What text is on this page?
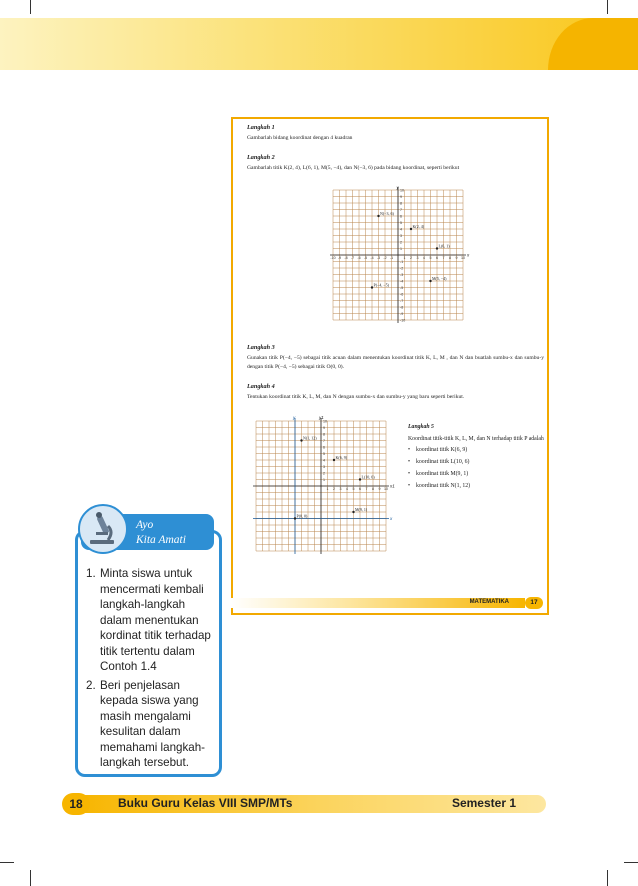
Langkah 1
Gambarlah bidang koordinat dengan 4 kuadran
Langkah 2
Gambarlah titik K(2, 4), L(6, 1), M(5, −4), dan N(−3, 6) pada bidang koordinat, seperti berikut
-10
-10
-9
-9
-8
-8
-7
-7
-6
-6
-5
-5
-4
-4
-3
-3
-2
-2
-1
-1
1
1
2
2
3
3
4
4
5
5
6
6
7
7
8
8
9
9
10
10
x
y
N(−3, 6)
K(2, 4)
L(6, 1)
M(5, −4)
P(−4, −5)
Langkah 3
Gunakan titik P(−4, −5) sebagai titik acuan dalam menentukan koordinat titik K, L, M , dan N dan buatlah sumbu-x dan sumbu-y dengan titik P(−4, −5) sebagai titik O(0, 0).
Langkah 4
Tentukan koordinat titik K, L, M, dan N dengan sumbu-x dan sumbu-y yang baru seperti berikut.
1
1
2
2
3
3
4
4
5
5
6
6
7
7
8
8
9
9
10
10
x1
y1
x
y
N(1, 12)
K(6, 9)
L(10, 6)
M(9, 1)
P(0, 0)
Langkah 5
Koordinat titik-titik K, L, M, dan N terhadap titik P adalah
• koordinat titik K(6, 9)
• koordinat titik L(10, 6)
• koordinat titik M(9, 1)
• koordinat titik N(1, 12)
MATEMATIKA	17
Ayo
Kita Amati
1. Minta siswa untuk mencermati kembali langkah-langkah dalam menentukan kordinat titik terhadap titik tertentu dalam Contoh 1.4
2. Beri penjelasan kepada siswa yang masih mengalami kesulitan dalam memahami langkah-langkah tersebut.
18	Buku Guru Kelas VIII SMP/MTs	Semester 1
